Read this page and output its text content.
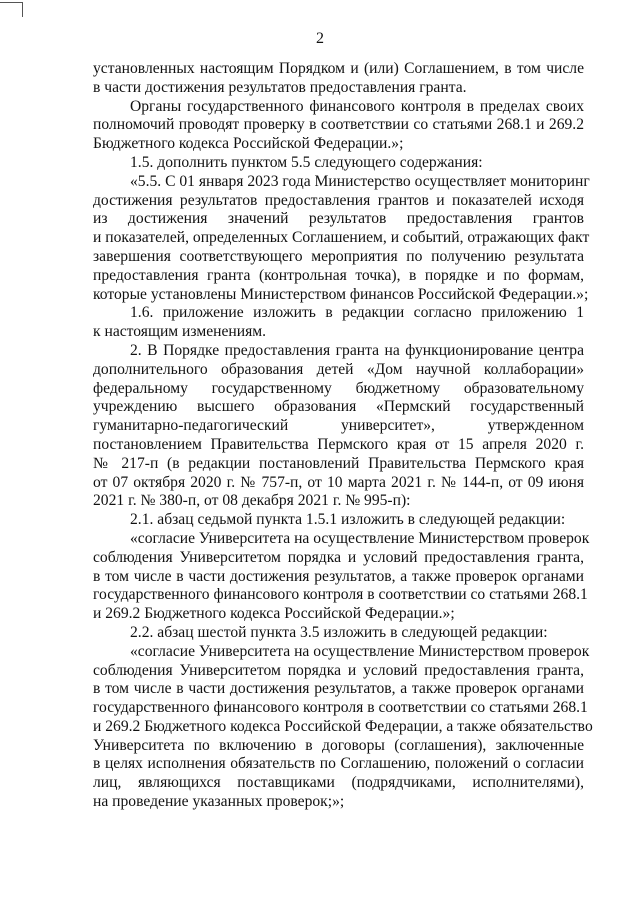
2
установленных настоящим Порядком и (или) Соглашением, в том числе
в части достижения результатов предоставления гранта.
Органы государственного финансового контроля в пределах своих
полномочий проводят проверку в соответствии со статьями 268.1 и 269.2
Бюджетного кодекса Российской Федерации.»;
1.5. дополнить пунктом 5.5 следующего содержания:
«5.5. С 01 января 2023 года Министерство осуществляет мониторинг
достижения результатов предоставления грантов и показателей исходя
из достижения значений результатов предоставления грантов
и показателей, определенных Соглашением, и событий, отражающих факт
завершения соответствующего мероприятия по получению результата
предоставления гранта (контрольная точка), в порядке и по формам,
которые установлены Министерством финансов Российской Федерации.»;
1.6. приложение изложить в редакции согласно приложению 1
к настоящим изменениям.
2. В Порядке предоставления гранта на функционирование центра
дополнительного образования детей «Дом научной коллаборации»
федеральному государственному бюджетному образовательному
учреждению высшего образования «Пермский государственный
гуманитарно-педагогический университет», утвержденном
постановлением Правительства Пермского края от 15 апреля 2020 г.
№ 217-п (в редакции постановлений Правительства Пермского края
от 07 октября 2020 г. № 757-п, от 10 марта 2021 г. № 144-п, от 09 июня
2021 г. № 380-п, от 08 декабря 2021 г. № 995-п):
2.1. абзац седьмой пункта 1.5.1 изложить в следующей редакции:
«согласие Университета на осуществление Министерством проверок
соблюдения Университетом порядка и условий предоставления гранта,
в том числе в части достижения результатов, а также проверок органами
государственного финансового контроля в соответствии со статьями 268.1
и 269.2 Бюджетного кодекса Российской Федерации.»;
2.2. абзац шестой пункта 3.5 изложить в следующей редакции:
«согласие Университета на осуществление Министерством проверок
соблюдения Университетом порядка и условий предоставления гранта,
в том числе в части достижения результатов, а также проверок органами
государственного финансового контроля в соответствии со статьями 268.1
и 269.2 Бюджетного кодекса Российской Федерации, а также обязательство
Университета по включению в договоры (соглашения), заключенные
в целях исполнения обязательств по Соглашению, положений о согласии
лиц, являющихся поставщиками (подрядчиками, исполнителями),
на проведение указанных проверок;»;
